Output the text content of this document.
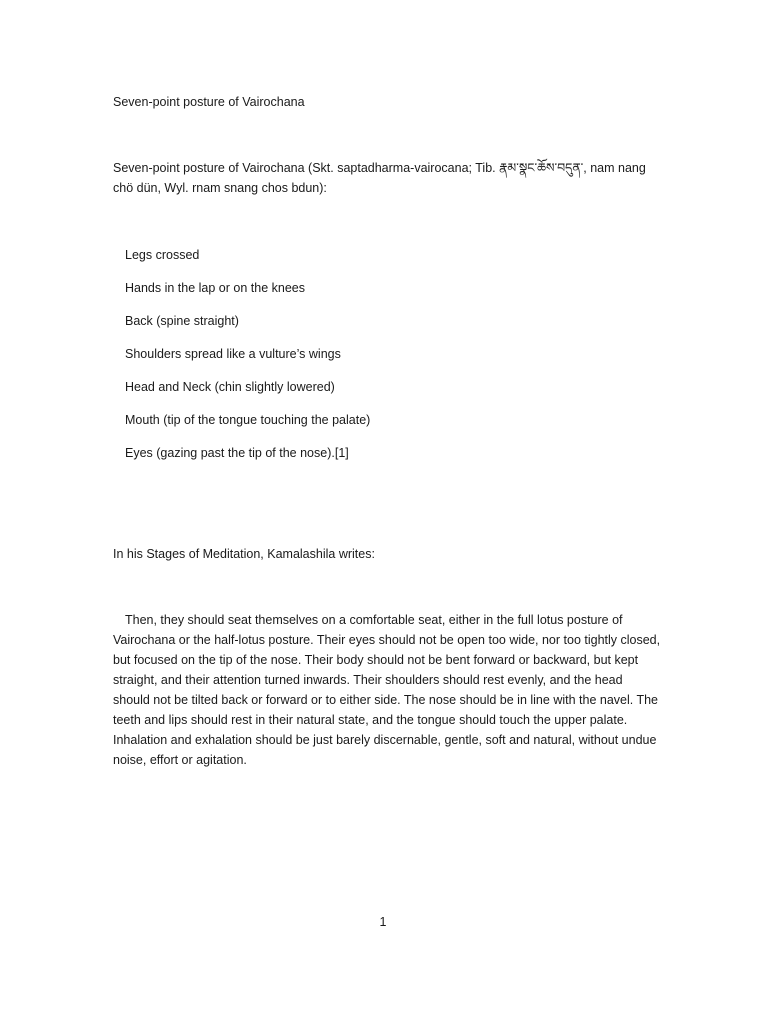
Seven-point posture of Vairochana
Seven-point posture of Vairochana (Skt. saptadharma-vairocana; Tib. རྣམ་སྣང་ཆོས་བདུན་, nam nang chö dün, Wyl. rnam snang chos bdun):
Legs crossed
Hands in the lap or on the knees
Back (spine straight)
Shoulders spread like a vulture’s wings
Head and Neck (chin slightly lowered)
Mouth (tip of the tongue touching the palate)
Eyes (gazing past the tip of the nose).[1]
In his Stages of Meditation, Kamalashila writes:
Then, they should seat themselves on a comfortable seat, either in the full lotus posture of Vairochana or the half-lotus posture. Their eyes should not be open too wide, nor too tightly closed, but focused on the tip of the nose. Their body should not be bent forward or backward, but kept straight, and their attention turned inwards. Their shoulders should rest evenly, and the head should not be tilted back or forward or to either side. The nose should be in line with the navel. The teeth and lips should rest in their natural state, and the tongue should touch the upper palate. Inhalation and exhalation should be just barely discernable, gentle, soft and natural, without undue noise, effort or agitation.
1
